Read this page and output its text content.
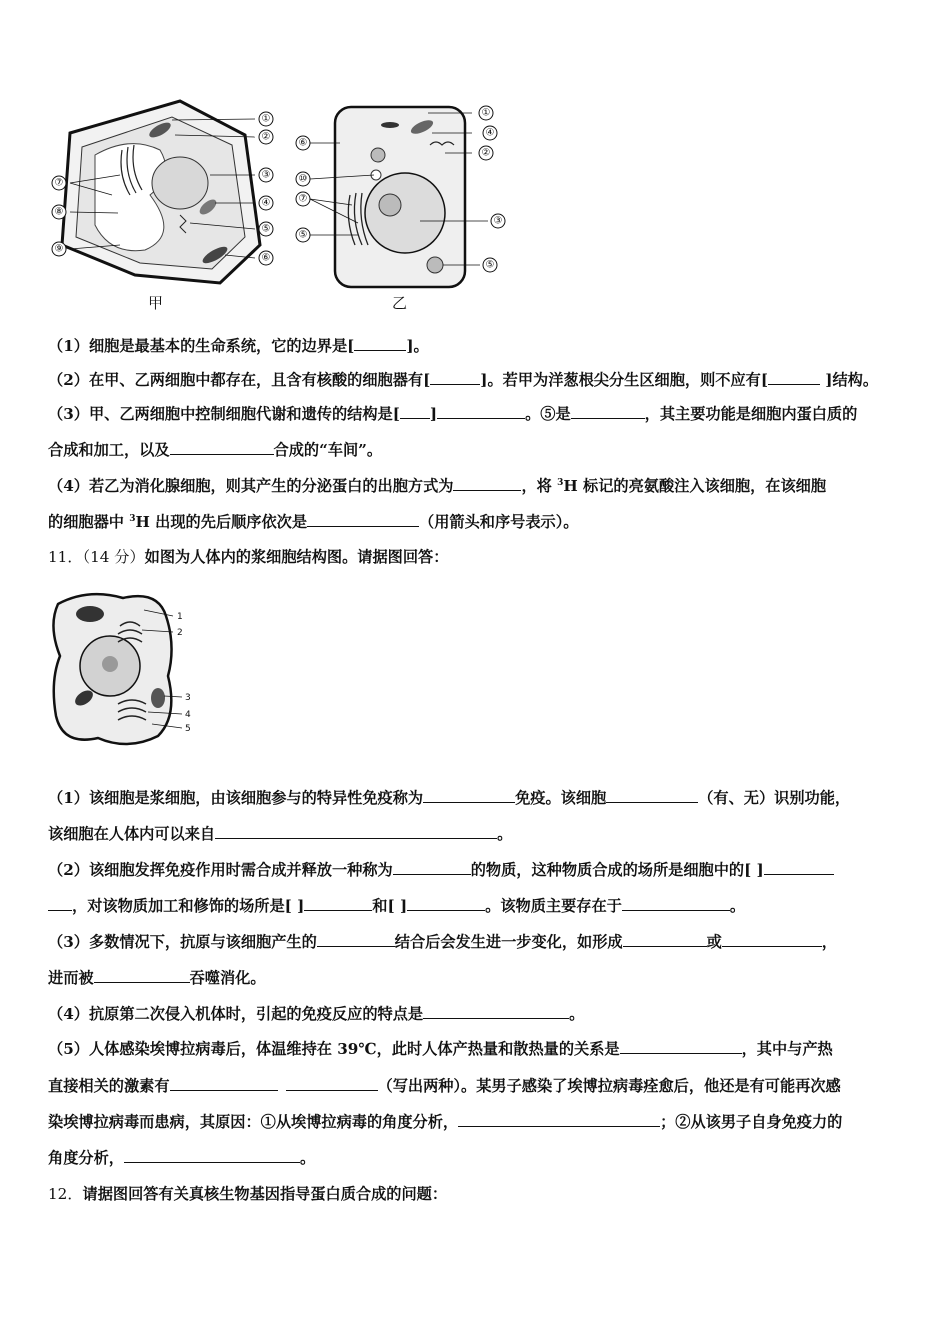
①
②
③
④
⑤
⑥
⑦
⑧
⑨
①
④
②
⑥
⑩
⑦
③
⑤
⑤
甲	乙
（1）细胞是最基本的生命系统，它的边界是[	]。
（2）在甲、乙两细胞中都存在，且含有核酸的细胞器有[	]。若甲为洋葱根尖分生区细胞，则不应有[	]结构。
（3）甲、乙两细胞中控制细胞代谢和遗传的结构是[ ]	。⑤是	，其主要功能是细胞内蛋白质的
合成和加工，以及	合成的“车间”。
（4）若乙为消化腺细胞，则其产生的分泌蛋白的出胞方式为	，将 $^3$H 标记的亮氨酸注入该细胞，在该细胞
的细胞器中 $^3$H 出现的先后顺序依次是	（用箭头和序号表示）。
11．（14 分）如图为人体内的浆细胞结构图。请据图回答：
1
2
3
4
5
（1）该细胞是浆细胞，由该细胞参与的特异性免疫称为	免疫。该细胞	（有、无）识别功能，
该细胞在人体内可以来自	。
（2）该细胞发挥免疫作用时需合成并释放一种称为	的物质，这种物质合成的场所是细胞中的[ ]
，对该物质加工和修饰的场所是[ ]	和[ ]	。该物质主要存在于	。
（3）多数情况下，抗原与该细胞产生的	结合后会发生进一步变化，如形成	或	，
进而被	吞噬消化。
（4）抗原第二次侵入机体时，引起的免疫反应的特点是	。
（5）人体感染埃博拉病毒后，体温维持在 39℃，此时人体产热量和散热量的关系是	，其中与产热
直接相关的激素有	（写出两种）。某男子感染了埃博拉病毒痊愈后，他还是有可能再次感
染埃博拉病毒而患病，其原因：①从埃博拉病毒的角度分析，	；②从该男子自身免疫力的
角度分析，	。
12．请据图回答有关真核生物基因指导蛋白质合成的问题：
